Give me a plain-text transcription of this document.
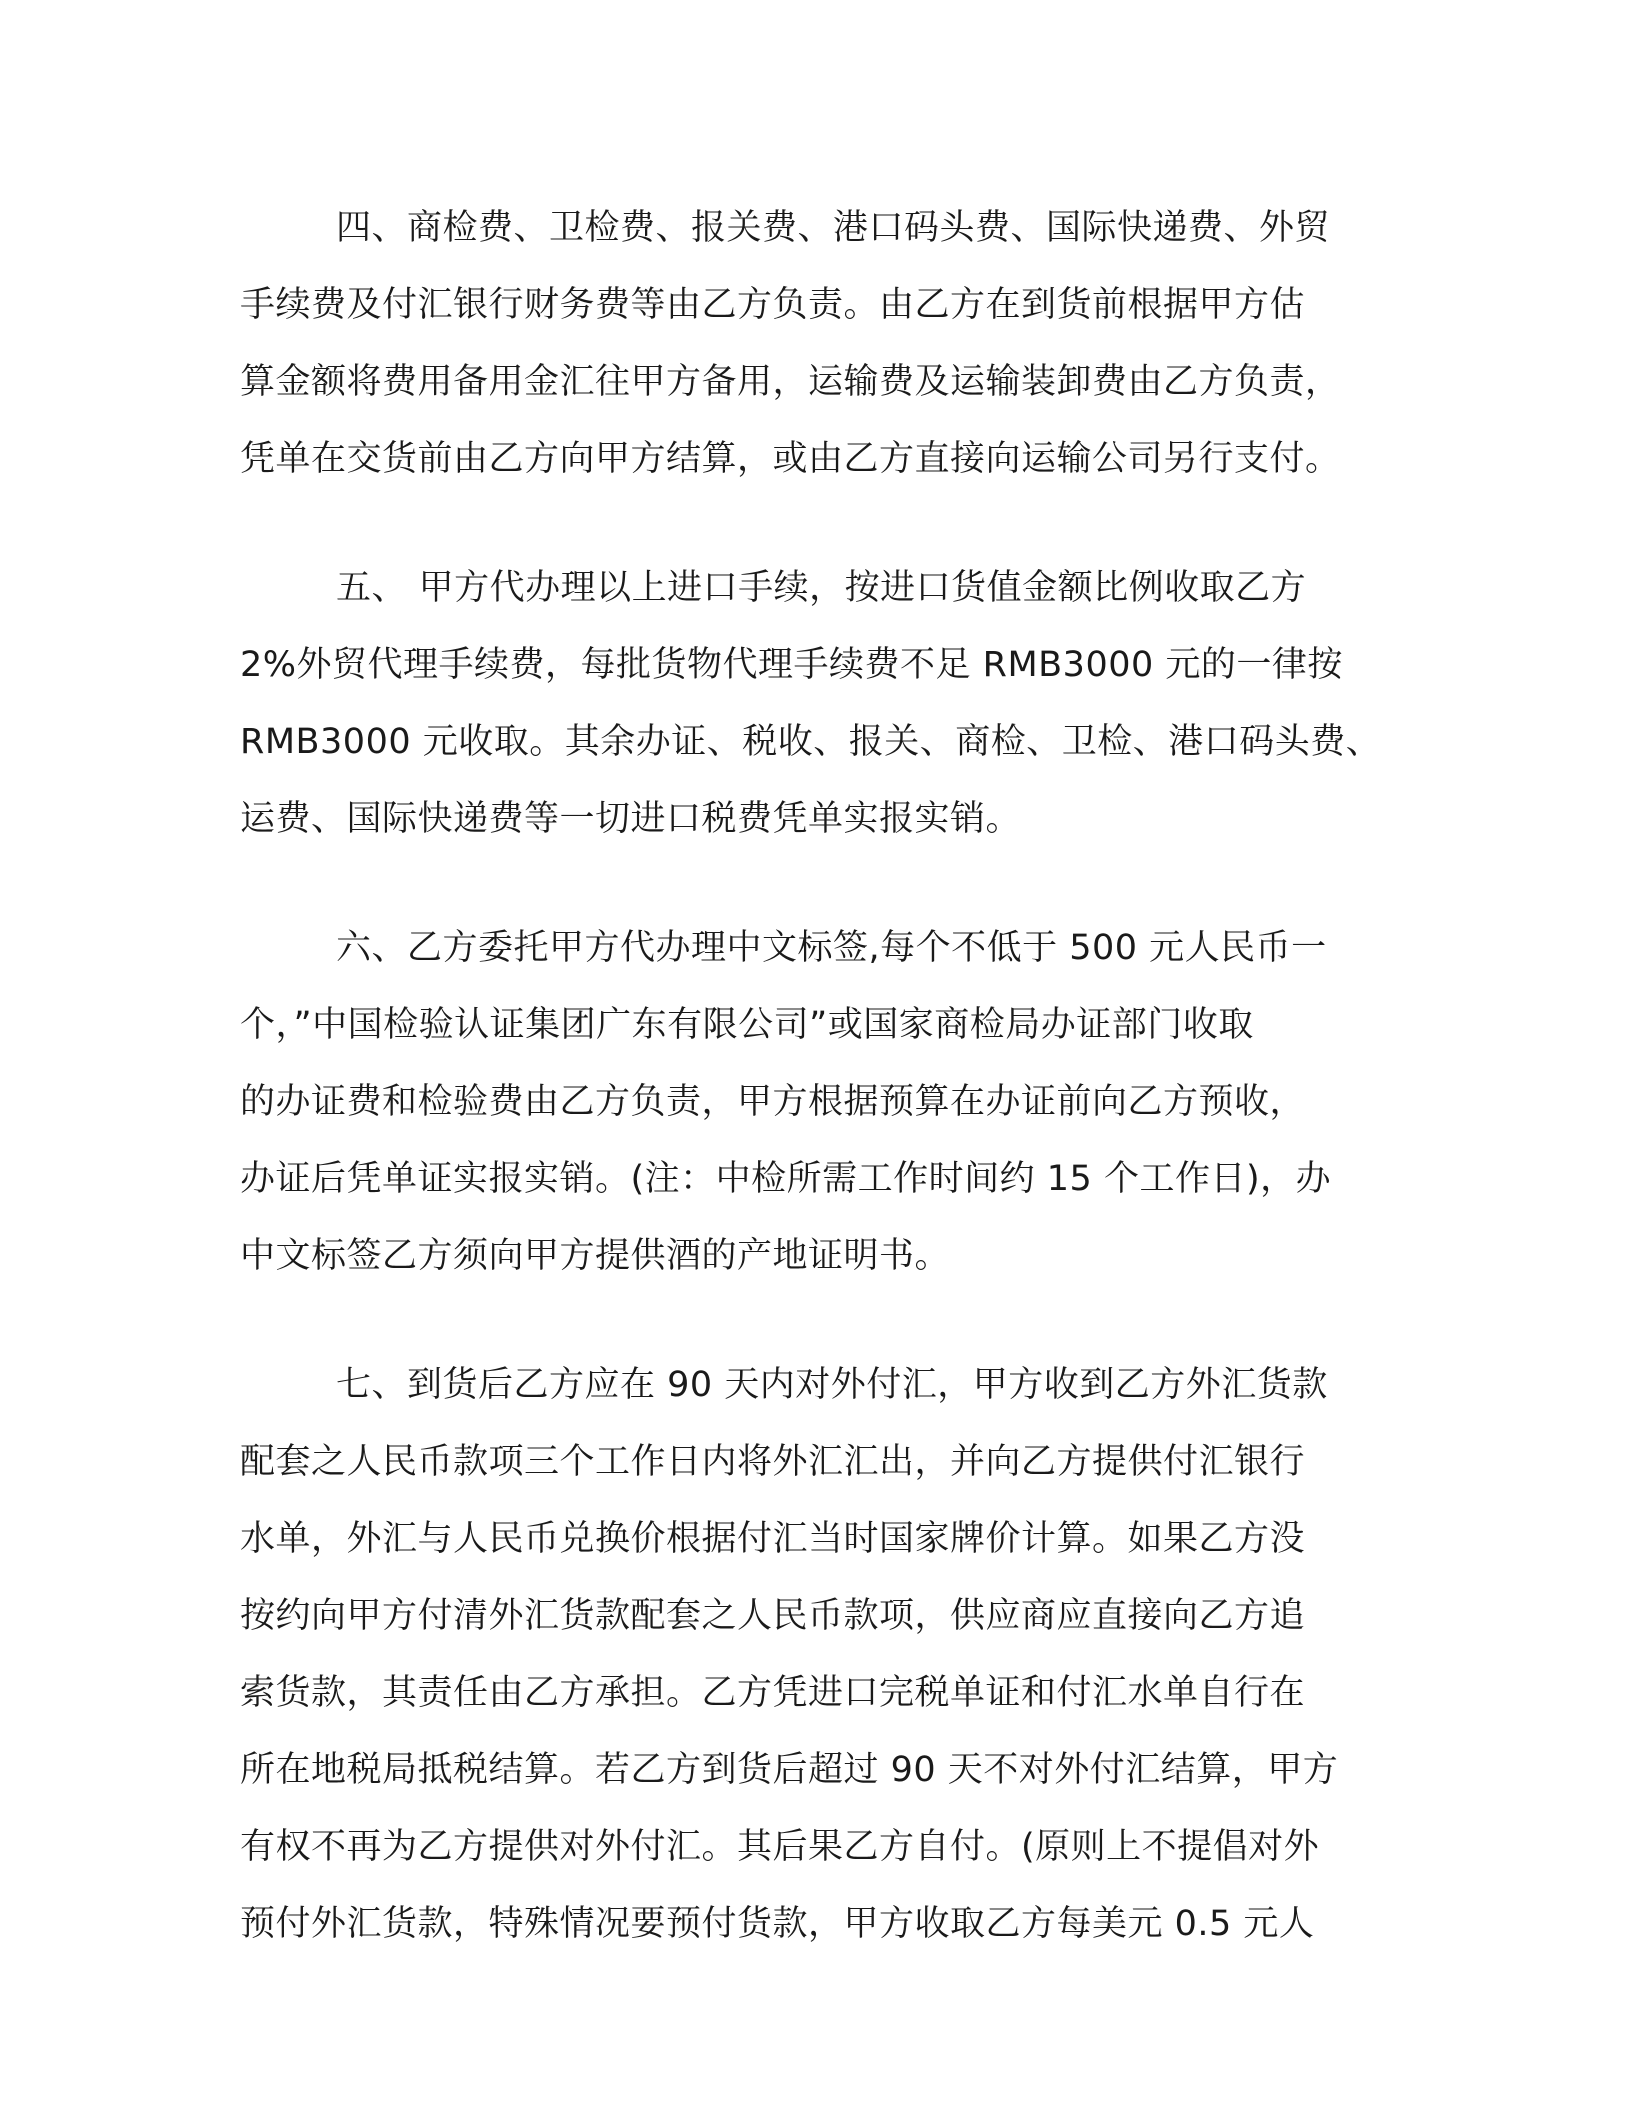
四、商检费、卫检费、报关费、港口码头费、国际快递费、外贸
手续费及付汇银行财务费等由乙方负责。由乙方在到货前根据甲方估
算金额将费用备用金汇往甲方备用，运输费及运输装卸费由乙方负责，
凭单在交货前由乙方向甲方结算，或由乙方直接向运输公司另行支付。
五、 甲方代办理以上进口手续，按进口货值金额比例收取乙方
2%外贸代理手续费，每批货物代理手续费不足 RMB3000 元的一律按
RMB3000 元收取。其余办证、税收、报关、商检、卫检、港口码头费、
运费、国际快递费等一切进口税费凭单实报实销。
六、乙方委托甲方代办理中文标签,每个不低于 500 元人民币一
个，”中国检验认证集团广东有限公司”或国家商检局办证部门收取
的办证费和检验费由乙方负责，甲方根据预算在办证前向乙方预收，
办证后凭单证实报实销。(注：中检所需工作时间约 15 个工作日)，办
中文标签乙方须向甲方提供酒的产地证明书。
七、到货后乙方应在 90 天内对外付汇，甲方收到乙方外汇货款
配套之人民币款项三个工作日内将外汇汇出，并向乙方提供付汇银行
水单，外汇与人民币兑换价根据付汇当时国家牌价计算。如果乙方没
按约向甲方付清外汇货款配套之人民币款项，供应商应直接向乙方追
索货款，其责任由乙方承担。乙方凭进口完税单证和付汇水单自行在
所在地税局抵税结算。若乙方到货后超过 90 天不对外付汇结算，甲方
有权不再为乙方提供对外付汇。其后果乙方自付。(原则上不提倡对外
预付外汇货款，特殊情况要预付货款，甲方收取乙方每美元 0.5 元人
